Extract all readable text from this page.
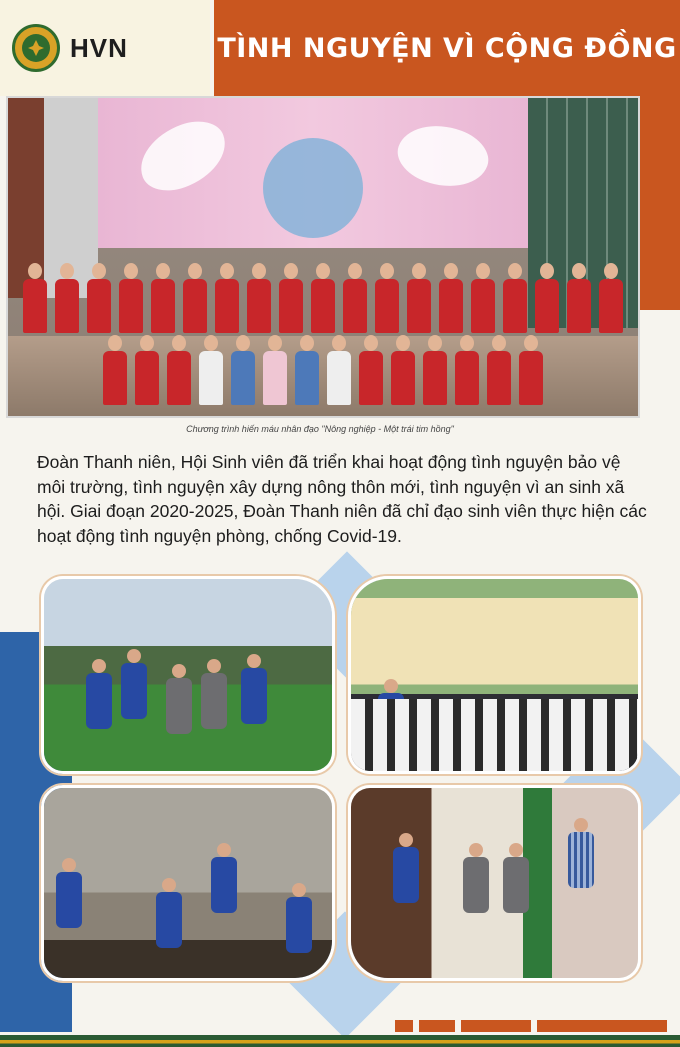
HVN	TÌNH NGUYỆN VÌ CỘNG ĐỒNG
Chương trình hiến máu nhân đạo "Nông nghiệp - Một trái tim hồng"

Đoàn Thanh niên, Hội Sinh viên đã triển khai hoạt động tình nguyện bảo vệ môi trường, tình nguyện xây dựng nông thôn mới, tình nguyện vì an sinh xã hội. Giai đoạn 2020-2025, Đoàn Thanh niên đã chỉ đạo sinh viên thực hiện các hoạt động tình nguyện phòng, chống Covid-19.
